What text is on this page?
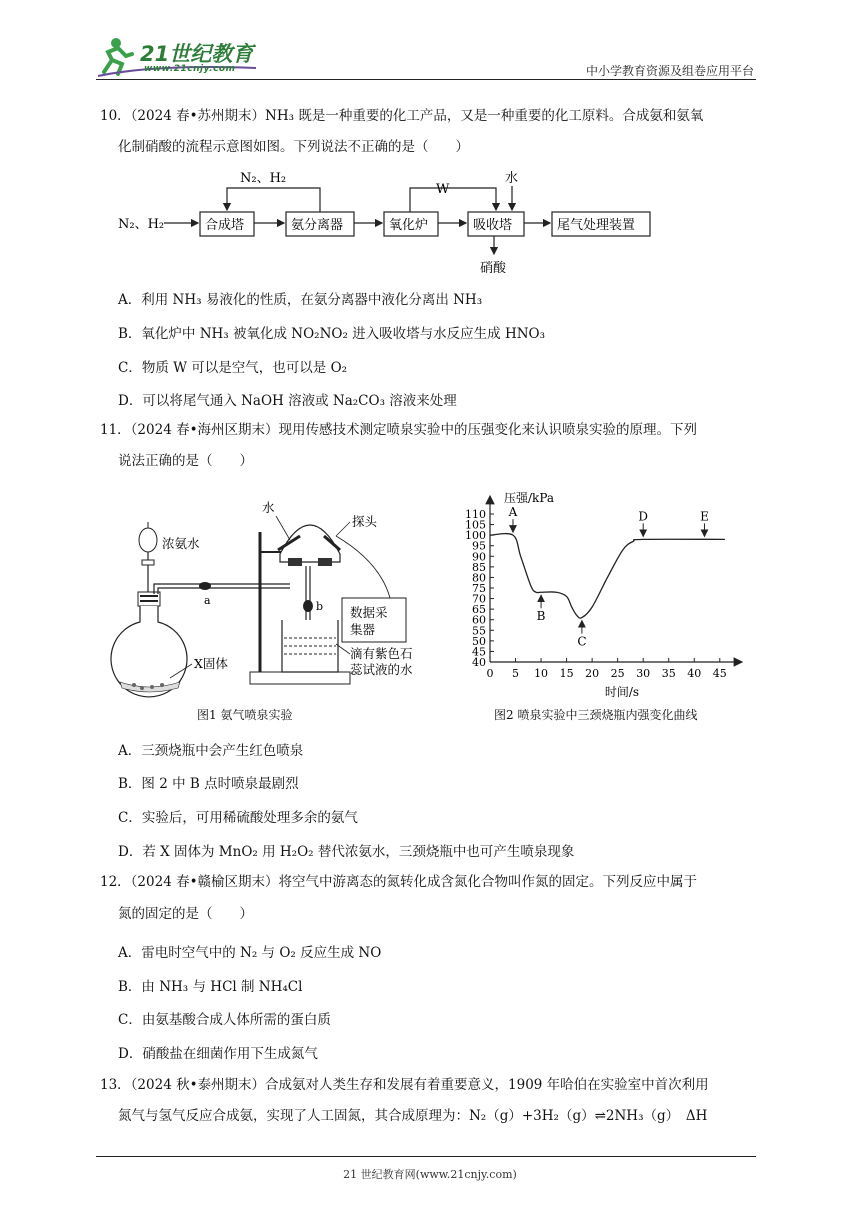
21世纪教育
www.21cnjy.com	中小学教育资源及组卷应用平台
10．（2024 春•苏州期末）NH₃ 既是一种重要的化工产品，又是一种重要的化工原料。合成氨和氨氧
化制硝酸的流程示意图如图。下列说法不正确的是（　　）
N₂、H₂	合成塔	氨分离器	氧化炉	吸收塔	尾气处理装置
N₂、H₂
W
水
硝酸
A．利用 NH₃ 易液化的性质，在氨分离器中液化分离出 NH₃
B．氧化炉中 NH₃ 被氧化成 NO₂NO₂ 进入吸收塔与水反应生成 HNO₃
C．物质 W 可以是空气，也可以是 O₂
D．可以将尾气通入 NaOH 溶液或 Na₂CO₃ 溶液来处理
11．（2024 春•海州区期末）现用传感技术测定喷泉实验中的压强变化来认识喷泉实验的原理。下列
说法正确的是（　　）
浓氨水
X固体
a
水
探头
b 数据采
集器
滴有紫色石
蕊试液的水
图1 氨气喷泉实验
40
45
50
55
60
65
70
75
80
85
90
95
100
105
110
0 5 10 15 20 25 30 35 40 45
压强/kPa
时间/s
A
B
C
D	E
图2 喷泉实验中三颈烧瓶内强变化曲线
A．三颈烧瓶中会产生红色喷泉
B．图 2 中 B 点时喷泉最剧烈
C．实验后，可用稀硫酸处理多余的氨气
D．若 X 固体为 MnO₂ 用 H₂O₂ 替代浓氨水，三颈烧瓶中也可产生喷泉现象
12．（2024 春•赣榆区期末）将空气中游离态的氮转化成含氮化合物叫作氮的固定。下列反应中属于
氮的固定的是（　　）
A．雷电时空气中的 N₂ 与 O₂ 反应生成 NO
B．由 NH₃ 与 HCl 制 NH₄Cl
C．由氨基酸合成人体所需的蛋白质
D．硝酸盐在细菌作用下生成氮气
13．（2024 秋•泰州期末）合成氨对人类生存和发展有着重要意义，1909 年哈伯在实验室中首次利用
氮气与氢气反应合成氨，实现了人工固氮，其合成原理为：N₂（g）+3H₂（g）⇌2NH₃（g）　ΔH
21 世纪教育网(www.21cnjy.com)
